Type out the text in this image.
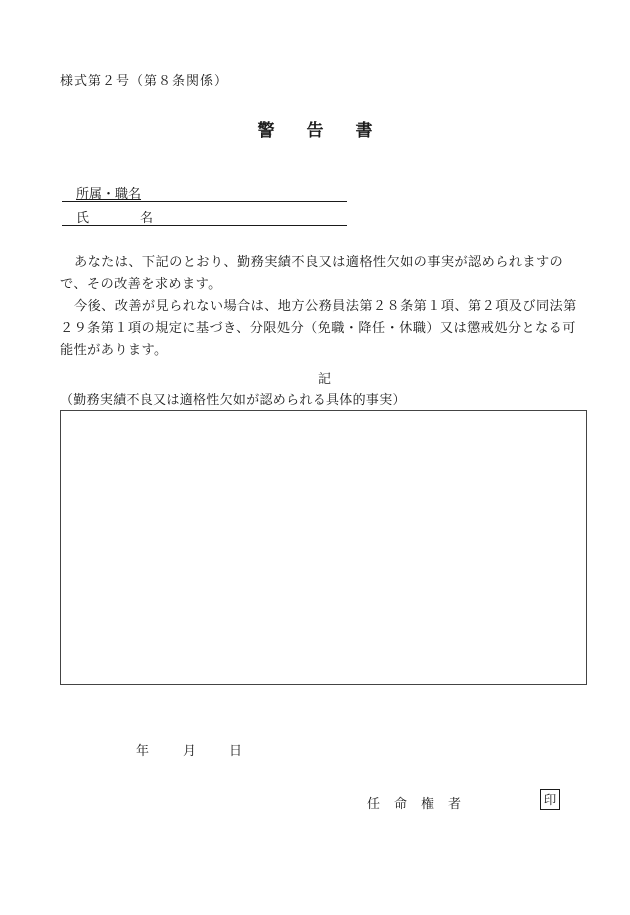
様式第２号（第８条関係）
警 告 書
所属・職名
氏	名

あなたは、下記のとおり、勤務実績不良又は適格性欠如の事実が認められますので、その改善を求めます。

今後、改善が見られない場合は、地方公務員法第２８条第１項、第２項及び同法第２９条第１項の規定に基づき、分限処分（免職・降任・休職）又は懲戒処分となる可能性があります。

記
（勤務実績不良又は適格性欠如が認められる具体的事実）
年	月	日
任 命 権 者	印
